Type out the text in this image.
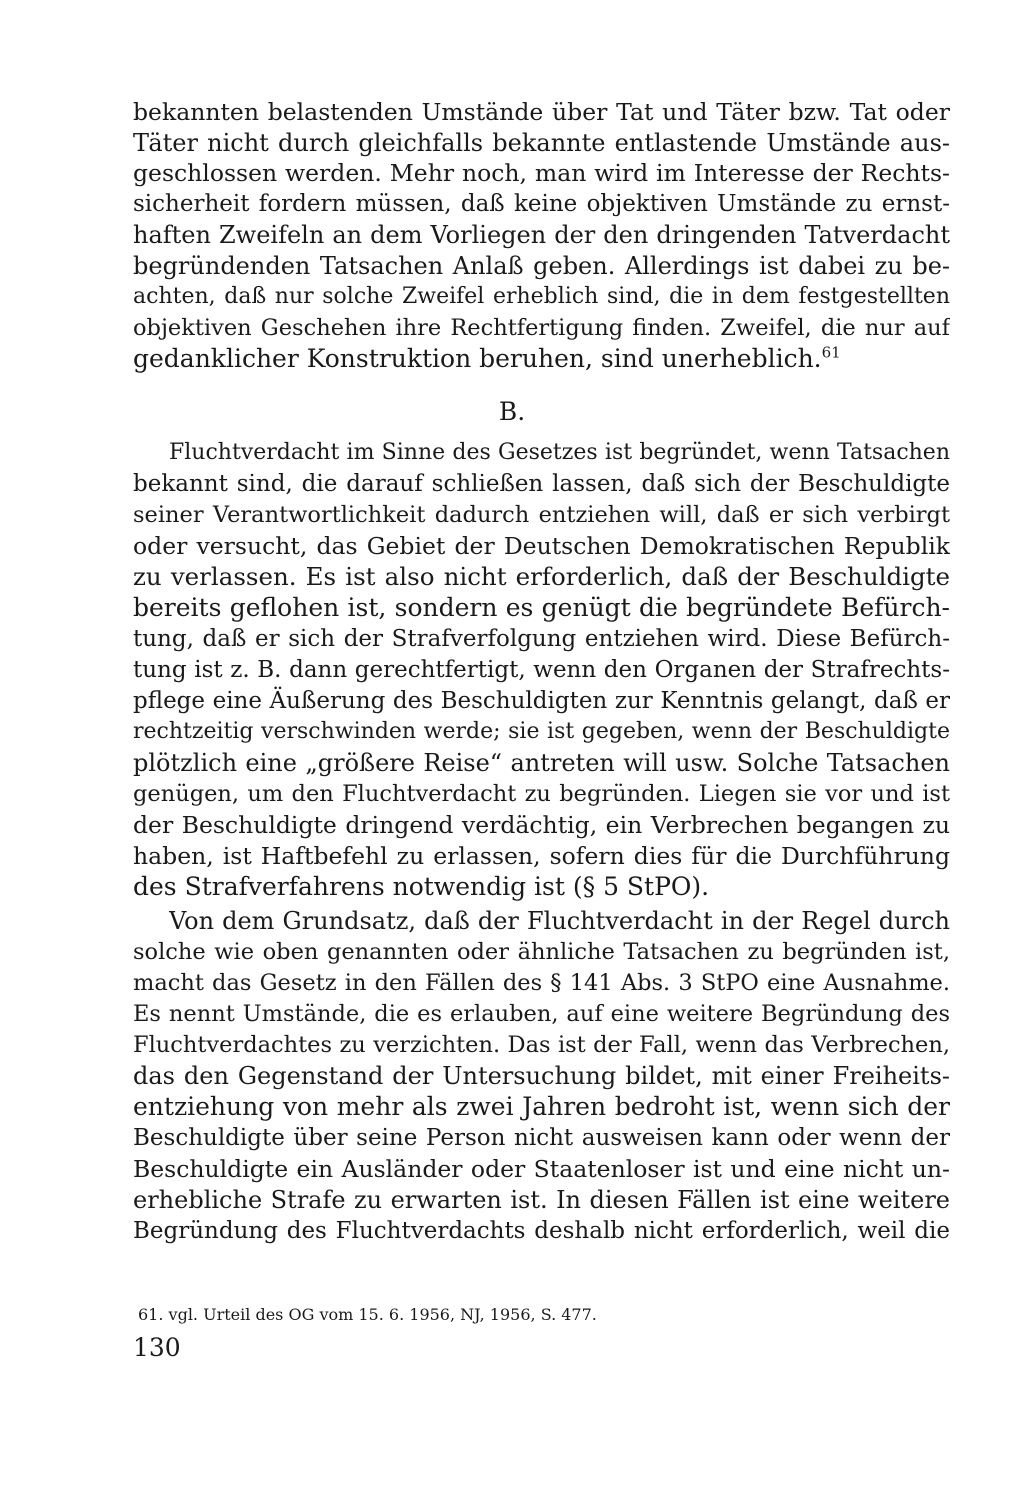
bekannten belastenden Umstände über Tat und Täter bzw. Tat oder
Täter nicht durch gleichfalls bekannte entlastende Umstände aus-
geschlossen werden. Mehr noch, man wird im Interesse der Rechts-
sicherheit fordern müssen, daß keine objektiven Umstände zu ernst-
haften Zweifeln an dem Vorliegen der den dringenden Tatverdacht
begründenden Tatsachen Anlaß geben. Allerdings ist dabei zu be-
achten, daß nur solche Zweifel erheblich sind, die in dem festgestellten
objektiven Geschehen ihre Rechtfertigung finden. Zweifel, die nur auf
gedanklicher Konstruktion beruhen, sind unerheblich.$^{61}$
B.
Fluchtverdacht im Sinne des Gesetzes ist begründet, wenn Tatsachen
bekannt sind, die darauf schließen lassen, daß sich der Beschuldigte
seiner Verantwortlichkeit dadurch entziehen will, daß er sich verbirgt
oder versucht, das Gebiet der Deutschen Demokratischen Republik
zu verlassen. Es ist also nicht erforderlich, daß der Beschuldigte
bereits geflohen ist, sondern es genügt die begründete Befürch-
tung, daß er sich der Strafverfolgung entziehen wird. Diese Befürch-
tung ist z. B. dann gerechtfertigt, wenn den Organen der Strafrechts-
pflege eine Äußerung des Beschuldigten zur Kenntnis gelangt, daß er
rechtzeitig verschwinden werde; sie ist gegeben, wenn der Beschuldigte
plötzlich eine „größere Reise“ antreten will usw. Solche Tatsachen
genügen, um den Fluchtverdacht zu begründen. Liegen sie vor und ist
der Beschuldigte dringend verdächtig, ein Verbrechen begangen zu
haben, ist Haftbefehl zu erlassen, sofern dies für die Durchführung
des Strafverfahrens notwendig ist (§ 5 StPO).
Von dem Grundsatz, daß der Fluchtverdacht in der Regel durch
solche wie oben genannten oder ähnliche Tatsachen zu begründen ist,
macht das Gesetz in den Fällen des § 141 Abs. 3 StPO eine Ausnahme.
Es nennt Umstände, die es erlauben, auf eine weitere Begründung des
Fluchtverdachtes zu verzichten. Das ist der Fall, wenn das Verbrechen,
das den Gegenstand der Untersuchung bildet, mit einer Freiheits-
entziehung von mehr als zwei Jahren bedroht ist, wenn sich der
Beschuldigte über seine Person nicht ausweisen kann oder wenn der
Beschuldigte ein Ausländer oder Staatenloser ist und eine nicht un-
erhebliche Strafe zu erwarten ist. In diesen Fällen ist eine weitere
Begründung des Fluchtverdachts deshalb nicht erforderlich, weil die
61. vgl. Urteil des OG vom 15. 6. 1956, NJ, 1956, S. 477.
130
